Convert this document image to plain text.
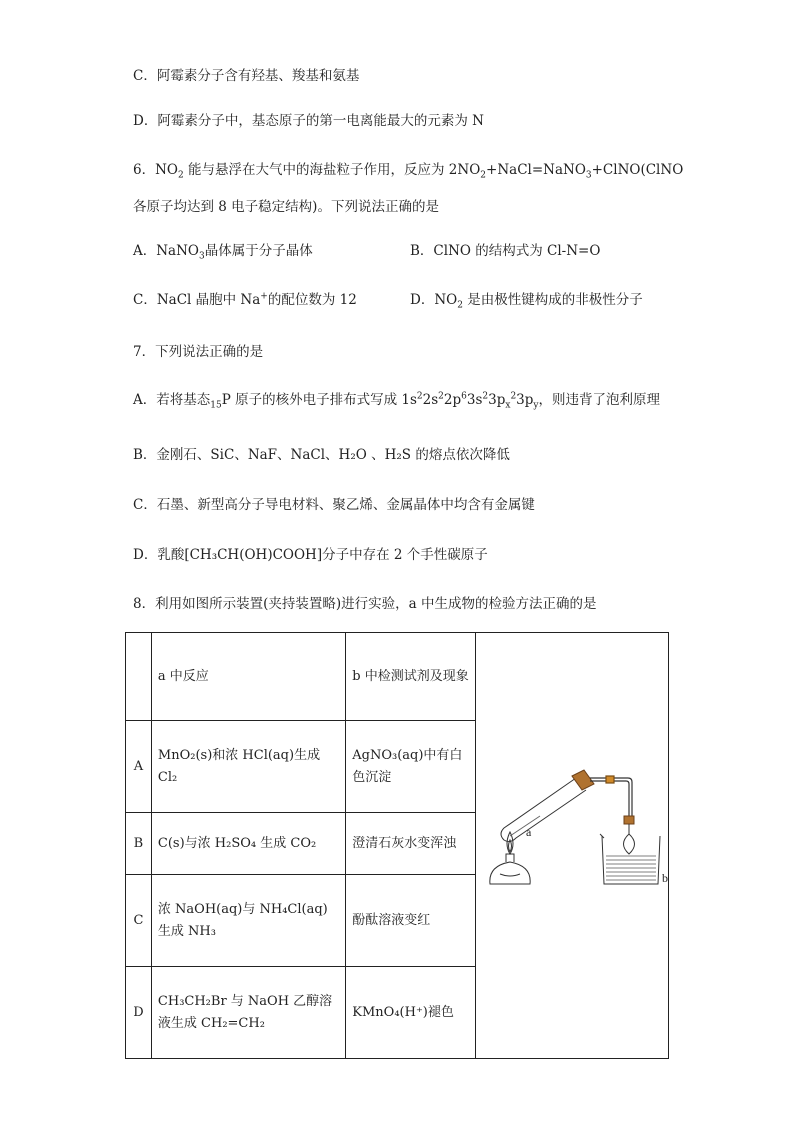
C．阿霉素分子含有羟基、羧基和氨基
D．阿霉素分子中，基态原子的第一电离能最大的元素为 N
6．$NO_2$ 能与悬浮在大气中的海盐粒子作用，反应为 $2NO_2+NaCl=NaNO_3+ClNO(ClNO$
各原子均达到 8 电子稳定结构)。下列说法正确的是
A．NaNO$_3$晶体属于分子晶体	B．ClNO 的结构式为 Cl-N=O
C．NaCl 晶胞中 Na+的配位数为 12	D．$NO_2$ 是由极性键构成的非极性分子
7．下列说法正确的是
A．若将基态$_{15}$P 原子的核外电子排布式写成 $1s^22s^22p^63s^23p_x^23p_y$，则违背了泡利原理
B．金刚石、SiC、NaF、NaCl、H₂O 、H₂S 的熔点依次降低
C．石墨、新型高分子导电材料、聚乙烯、金属晶体中均含有金属键
D．乳酸[CH₃CH(OH)COOH]分子中存在 2 个手性碳原子
8．利用如图所示装置(夹持装置略)进行实验，a 中生成物的检验方法正确的是
	a 中反应	b 中检测试剂及现象	
A	MnO₂(s)和浓 HCl(aq)生成 Cl₂	AgNO₃(aq)中有白色沉淀	
B	C(s)与浓 H₂SO₄ 生成 CO₂	澄清石灰水变浑浊	
C	浓 NaOH(aq)与 NH₄Cl(aq)生成 NH₃	酚酞溶液变红	
D	CH₃CH₂Br 与 NaOH 乙醇溶液生成 CH₂=CH₂	KMnO₄(H⁺)褪色	
a
b
